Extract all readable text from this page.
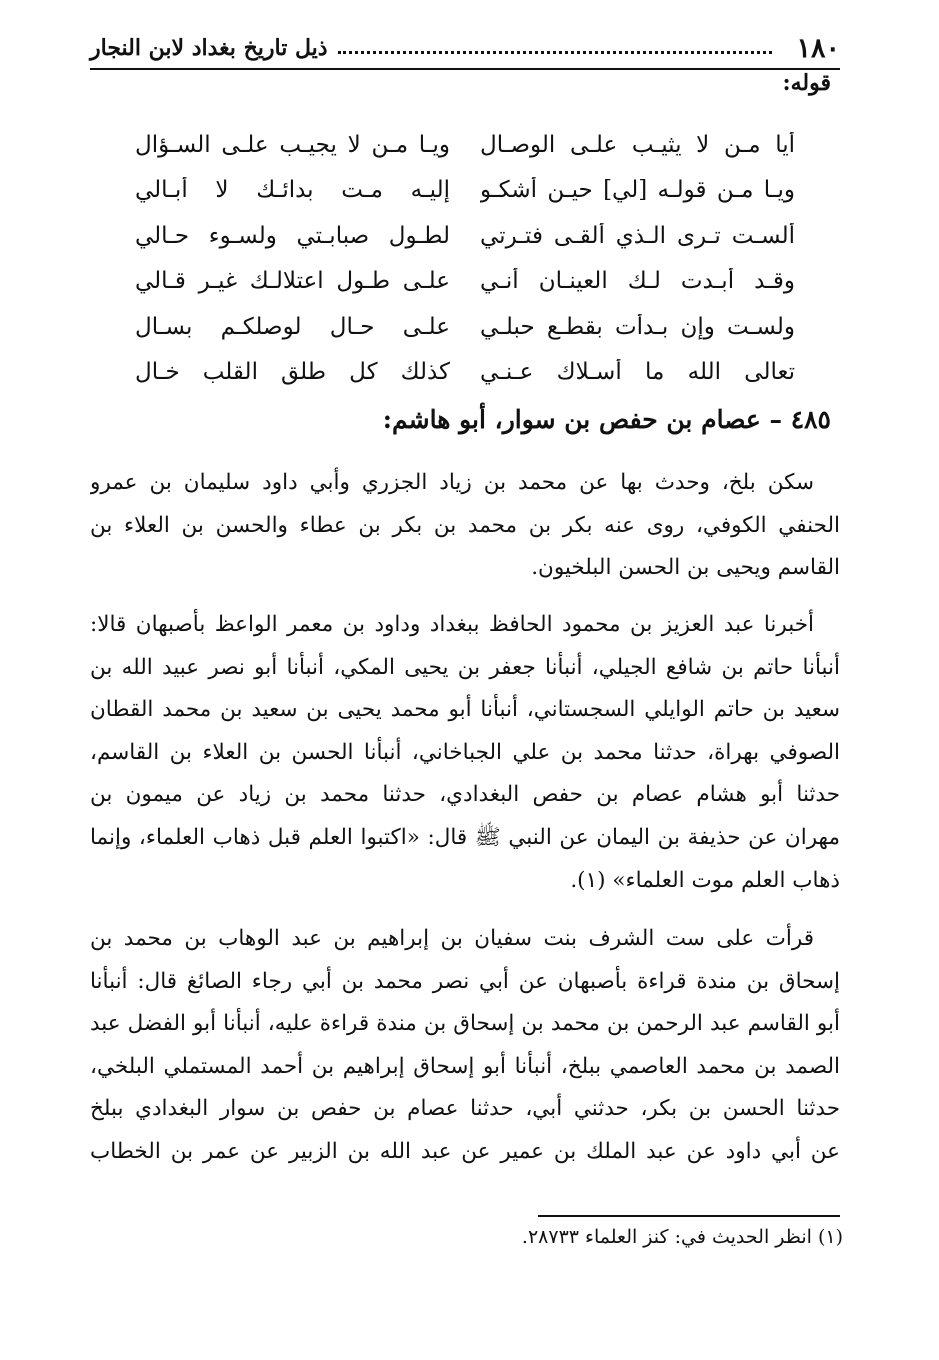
١٨٠
ذيل تاريخ بغداد لابن النجار
قوله:
أيا مـن لا يثيـب علـى الوصـال
ويـا مـن لا يجيـب علـى السـؤال
ويـا مـن قولـه [لي] حيـن أشكـو
إليـه مـت بدائـك لا أبـالي
ألسـت تـرى الـذي ألقـى فتـرتي
لطـول صبابـتي ولسـوء حـالي
وقـد أبـدت لـك العينـان أنـي
علـى طـول اعتلالـك غيـر قـالي
ولسـت وإن بـدأت بقطـع حبلـي
علـى حـال لوصلكـم بسـال
تعالى الله ما أسـلاك عـنـي
كذلك كل طلق القلب خـال
٤٨٥ – عصام بن حفص بن سوار، أبو هاشم:
سكن بلخ، وحدث بها عن محمد بن زياد الجزري وأبي داود سليمان بن عمرو
الحنفي الكوفي، روى عنه بكر بن محمد بن بكر بن عطاء والحسن بن العلاء بن
القاسم ويحيى بن الحسن البلخيون.
أخبرنا عبد العزيز بن محمود الحافظ ببغداد وداود بن معمر الواعظ بأصبهان قالا:
أنبأنا حاتم بن شافع الجيلي، أنبأنا جعفر بن يحيى المكي، أنبأنا أبو نصر عبيد الله بن
سعيد بن حاتم الوايلي السجستاني، أنبأنا أبو محمد يحيى بن سعيد بن محمد القطان
الصوفي بهراة، حدثنا محمد بن علي الجباخاني، أنبأنا الحسن بن العلاء بن القاسم،
حدثنا أبو هشام عصام بن حفص البغدادي، حدثنا محمد بن زياد عن ميمون بن
مهران عن حذيفة بن اليمان عن النبي ﷺ قال: «اكتبوا العلم قبل ذهاب العلماء، وإنما
ذهاب العلم موت العلماء» (١).
قرأت على ست الشرف بنت سفيان بن إبراهيم بن عبد الوهاب بن محمد بن
إسحاق بن مندة قراءة بأصبهان عن أبي نصر محمد بن أبي رجاء الصائغ قال: أنبأنا
أبو القاسم عبد الرحمن بن محمد بن إسحاق بن مندة قراءة عليه، أنبأنا أبو الفضل عبد
الصمد بن محمد العاصمي ببلخ، أنبأنا أبو إسحاق إبراهيم بن أحمد المستملي البلخي،
حدثنا الحسن بن بكر، حدثني أبي، حدثنا عصام بن حفص بن سوار البغدادي ببلخ
عن أبي داود عن عبد الملك بن عمير عن عبد الله بن الزبير عن عمر بن الخطاب
(١) انظر الحديث في: كنز العلماء ٢٨٧٣٣.
